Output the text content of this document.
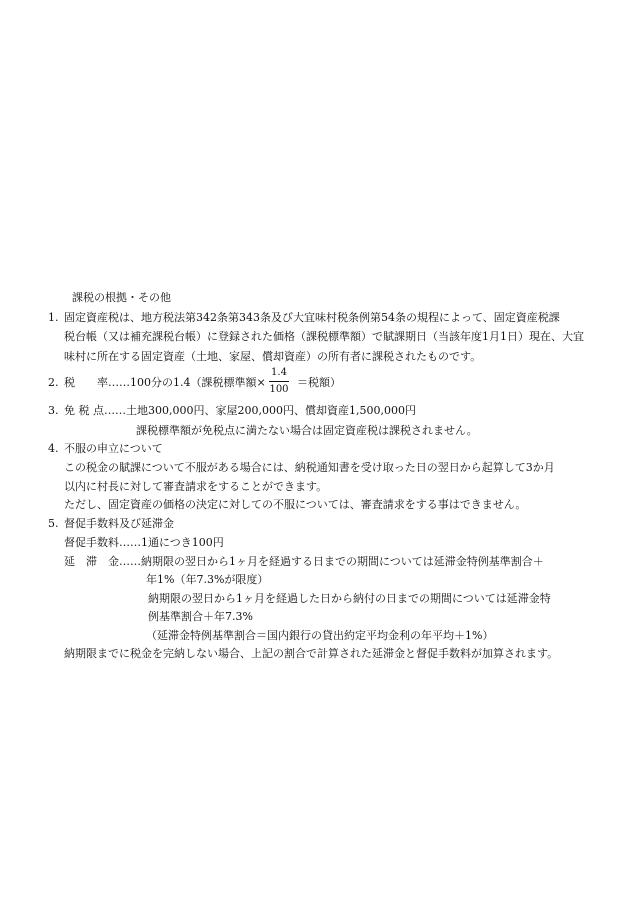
課税の根拠・その他
1. 固定資産税は、地方税法第342条第343条及び大宜味村税条例第54条の規程によって、固定資産税課
税台帳（又は補充課税台帳）に登録された価格（課税標準額）で賦課期日（当該年度1月1日）現在、大宜
味村に所在する固定資産（土地、家屋、償却資産）の所有者に課税されたものです。
2. 税　　率……100分の1.4（課税標準額×
1.4
100
＝税額）
3. 免 税 点……土地300,000円、家屋200,000円、償却資産1,500,000円
課税標準額が免税点に満たない場合は固定資産税は課税されません。
4. 不服の申立について
この税金の賦課について不服がある場合には、納税通知書を受け取った日の翌日から起算して3か月
以内に村長に対して審査請求をすることができます。
ただし、固定資産の価格の決定に対しての不服については、審査請求をする事はできません。
5. 督促手数料及び延滞金
督促手数料……1通につき100円
延　滞　金……納期限の翌日から1ヶ月を経過する日までの期間については延滞金特例基準割合＋
年1%（年7.3%が限度）
納期限の翌日から1ヶ月を経過した日から納付の日までの期間については延滞金特
例基準割合＋年7.3%
（延滞金特例基準割合＝国内銀行の貸出約定平均金利の年平均＋1%）
納期限までに税金を完納しない場合、上記の割合で計算された延滞金と督促手数料が加算されます。
